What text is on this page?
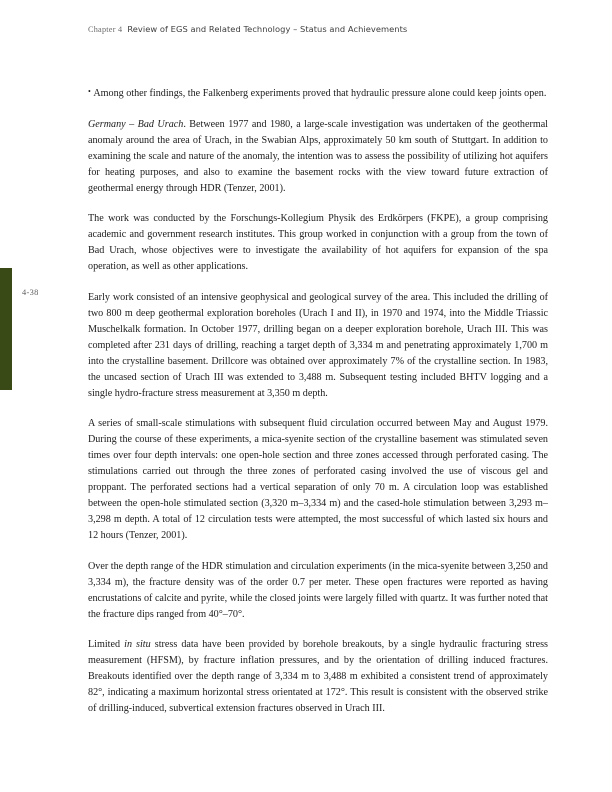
Chapter 4 Review of EGS and Related Technology – Status and Achievements
4-38

• Among other findings, the Falkenberg experiments proved that hydraulic pressure alone could keep joints open.

Germany – Bad Urach. Between 1977 and 1980, a large-scale investigation was undertaken of the geothermal anomaly around the area of Urach, in the Swabian Alps, approximately 50 km south of Stuttgart. In addition to examining the scale and nature of the anomaly, the intention was to assess the possibility of utilizing hot aquifers for heating purposes, and also to examine the basement rocks with the view toward future extraction of geothermal energy through HDR (Tenzer, 2001).

The work was conducted by the Forschungs-Kollegium Physik des Erdkörpers (FKPE), a group comprising academic and government research institutes. This group worked in conjunction with a group from the town of Bad Urach, whose objectives were to investigate the availability of hot aquifers for expansion of the spa operation, as well as other applications.

Early work consisted of an intensive geophysical and geological survey of the area. This included the drilling of two 800 m deep geothermal exploration boreholes (Urach I and II), in 1970 and 1974, into the Middle Triassic Muschelkalk formation. In October 1977, drilling began on a deeper exploration borehole, Urach III. This was completed after 231 days of drilling, reaching a target depth of 3,334 m and penetrating approximately 1,700 m into the crystalline basement. Drillcore was obtained over approximately 7% of the crystalline section. In 1983, the uncased section of Urach III was extended to 3,488 m. Subsequent testing included BHTV logging and a single hydro-fracture stress measurement at 3,350 m depth.

A series of small-scale stimulations with subsequent fluid circulation occurred between May and August 1979. During the course of these experiments, a mica-syenite section of the crystalline basement was stimulated seven times over four depth intervals: one open-hole section and three zones accessed through perforated casing. The stimulations carried out through the three zones of perforated casing involved the use of viscous gel and proppant. The perforated sections had a vertical separation of only 70 m. A circulation loop was established between the open-hole stimulated section (3,320 m–3,334 m) and the cased-hole stimulation between 3,293 m–3,298 m depth. A total of 12 circulation tests were attempted, the most successful of which lasted six hours and 12 hours (Tenzer, 2001).

Over the depth range of the HDR stimulation and circulation experiments (in the mica-syenite between 3,250 and 3,334 m), the fracture density was of the order 0.7 per meter. These open fractures were reported as having encrustations of calcite and pyrite, while the closed joints were largely filled with quartz. It was further noted that the fracture dips ranged from 40°–70°.

Limited in situ stress data have been provided by borehole breakouts, by a single hydraulic fracturing stress measurement (HFSM), by fracture inflation pressures, and by the orientation of drilling induced fractures. Breakouts identified over the depth range of 3,334 m to 3,488 m exhibited a consistent trend of approximately 82°, indicating a maximum horizontal stress orientated at 172°. This result is consistent with the observed strike of drilling-induced, subvertical extension fractures observed in Urach III.
